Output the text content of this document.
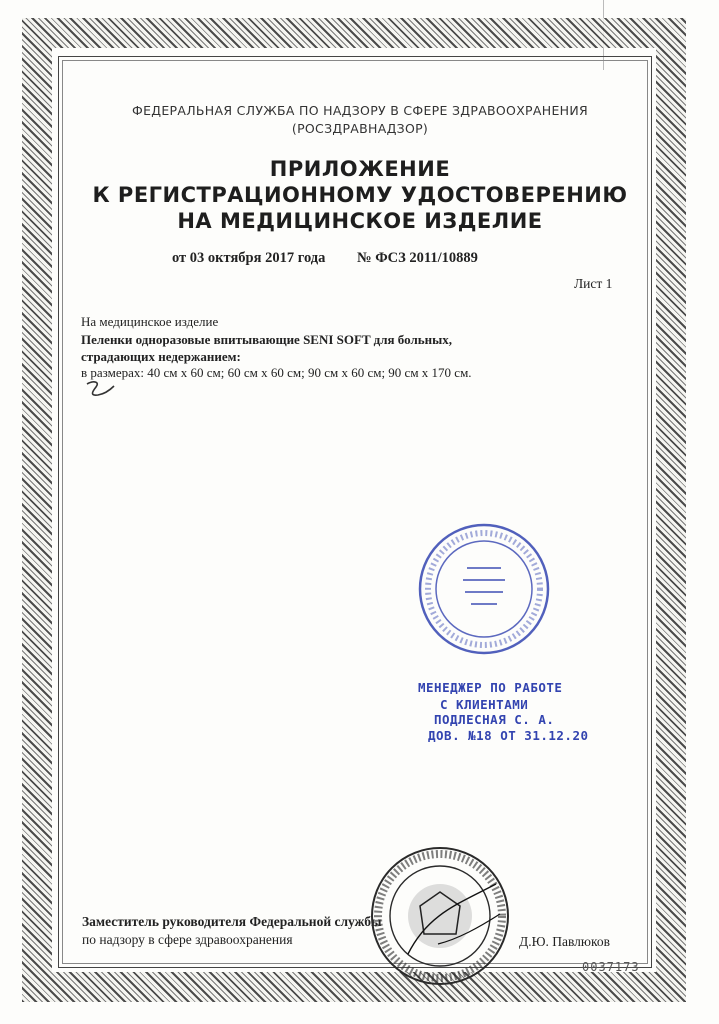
ФЕДЕРАЛЬНАЯ СЛУЖБА ПО НАДЗОРУ В СФЕРЕ ЗДРАВООХРАНЕНИЯ
(РОСЗДРАВНАДЗОР)
ПРИЛОЖЕНИЕ
К РЕГИСТРАЦИОННОМУ УДОСТОВЕРЕНИЮ
НА МЕДИЦИНСКОЕ ИЗДЕЛИЕ
от 03 октября 2017 года № ФСЗ 2011/10889
Лист 1
На медицинское изделие
Пеленки одноразовые впитывающие SENI SOFT для больных,
страдающих недержанием:
в размерах: 40 см х 60 см; 60 см х 60 см; 90 см х 60 см; 90 см х 170 см.
МЕНЕДЖЕР ПО РАБОТЕ
С КЛИЕНТАМИ
ПОДЛЕСНАЯ С. А.
ДОВ. №18 ОТ 31.12.20
Заместитель руководителя Федеральной службы
по надзору в сфере здравоохранения	Д.Ю. Павлюков
0037173
